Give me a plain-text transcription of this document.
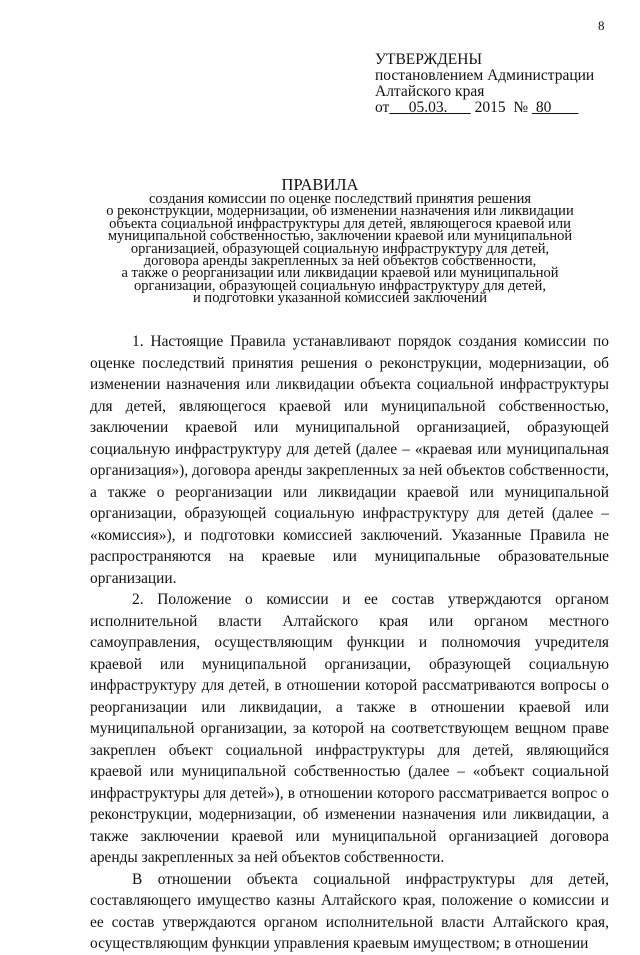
8
УТВЕРЖДЕНЫ
постановлением Администрации
Алтайского края
от 05.03. 2015 № 80
ПРАВИЛА
создания комиссии по оценке последствий принятия решения
о реконструкции, модернизации, об изменении назначения или ликвидации
объекта социальной инфраструктуры для детей, являющегося краевой или
муниципальной собственностью, заключении краевой или муниципальной
организацией, образующей социальную инфраструктуру для детей,
договора аренды закрепленных за ней объектов собственности,
а также о реорганизации или ликвидации краевой или муниципальной
организации, образующей социальную инфраструктуру для детей,
и подготовки указанной комиссией заключений

1. Настоящие Правила устанавливают порядок создания комиссии по оценке последствий принятия решения о реконструкции, модернизации, об изменении назначения или ликвидации объекта социальной инфраструктуры для детей, являющегося краевой или муниципальной собственностью, заключении краевой или муниципальной организацией, образующей социальную инфраструктуру для детей (далее – «краевая или муниципальная организация»), договора аренды закрепленных за ней объектов собственности, а также о реорганизации или ликвидации краевой или муниципальной организации, образующей социальную инфраструктуру для детей (далее – «комиссия»), и подготовки комиссией заключений. Указанные Правила не распространяются на краевые или муниципальные образовательные организации.

2. Положение о комиссии и ее состав утверждаются органом исполнительной власти Алтайского края или органом местного самоуправления, осуществляющим функции и полномочия учредителя краевой или муниципальной организации, образующей социальную инфраструктуру для детей, в отношении которой рассматриваются вопросы о реорганизации или ликвидации, а также в отношении краевой или муниципальной организации, за которой на соответствующем вещном праве закреплен объект социальной инфраструктуры для детей, являющийся краевой или муниципальной собственностью (далее – «объект социальной инфраструктуры для детей»), в отношении которого рассматривается вопрос о реконструкции, модернизации, об изменении назначения или ликвидации, а также заключении краевой или муниципальной организацией договора аренды закрепленных за ней объектов собственности.

В отношении объекта социальной инфраструктуры для детей, составляющего имущество казны Алтайского края, положение о комиссии и ее состав утверждаются органом исполнительной власти Алтайского края, осуществляющим функции управления краевым имуществом; в отношении
